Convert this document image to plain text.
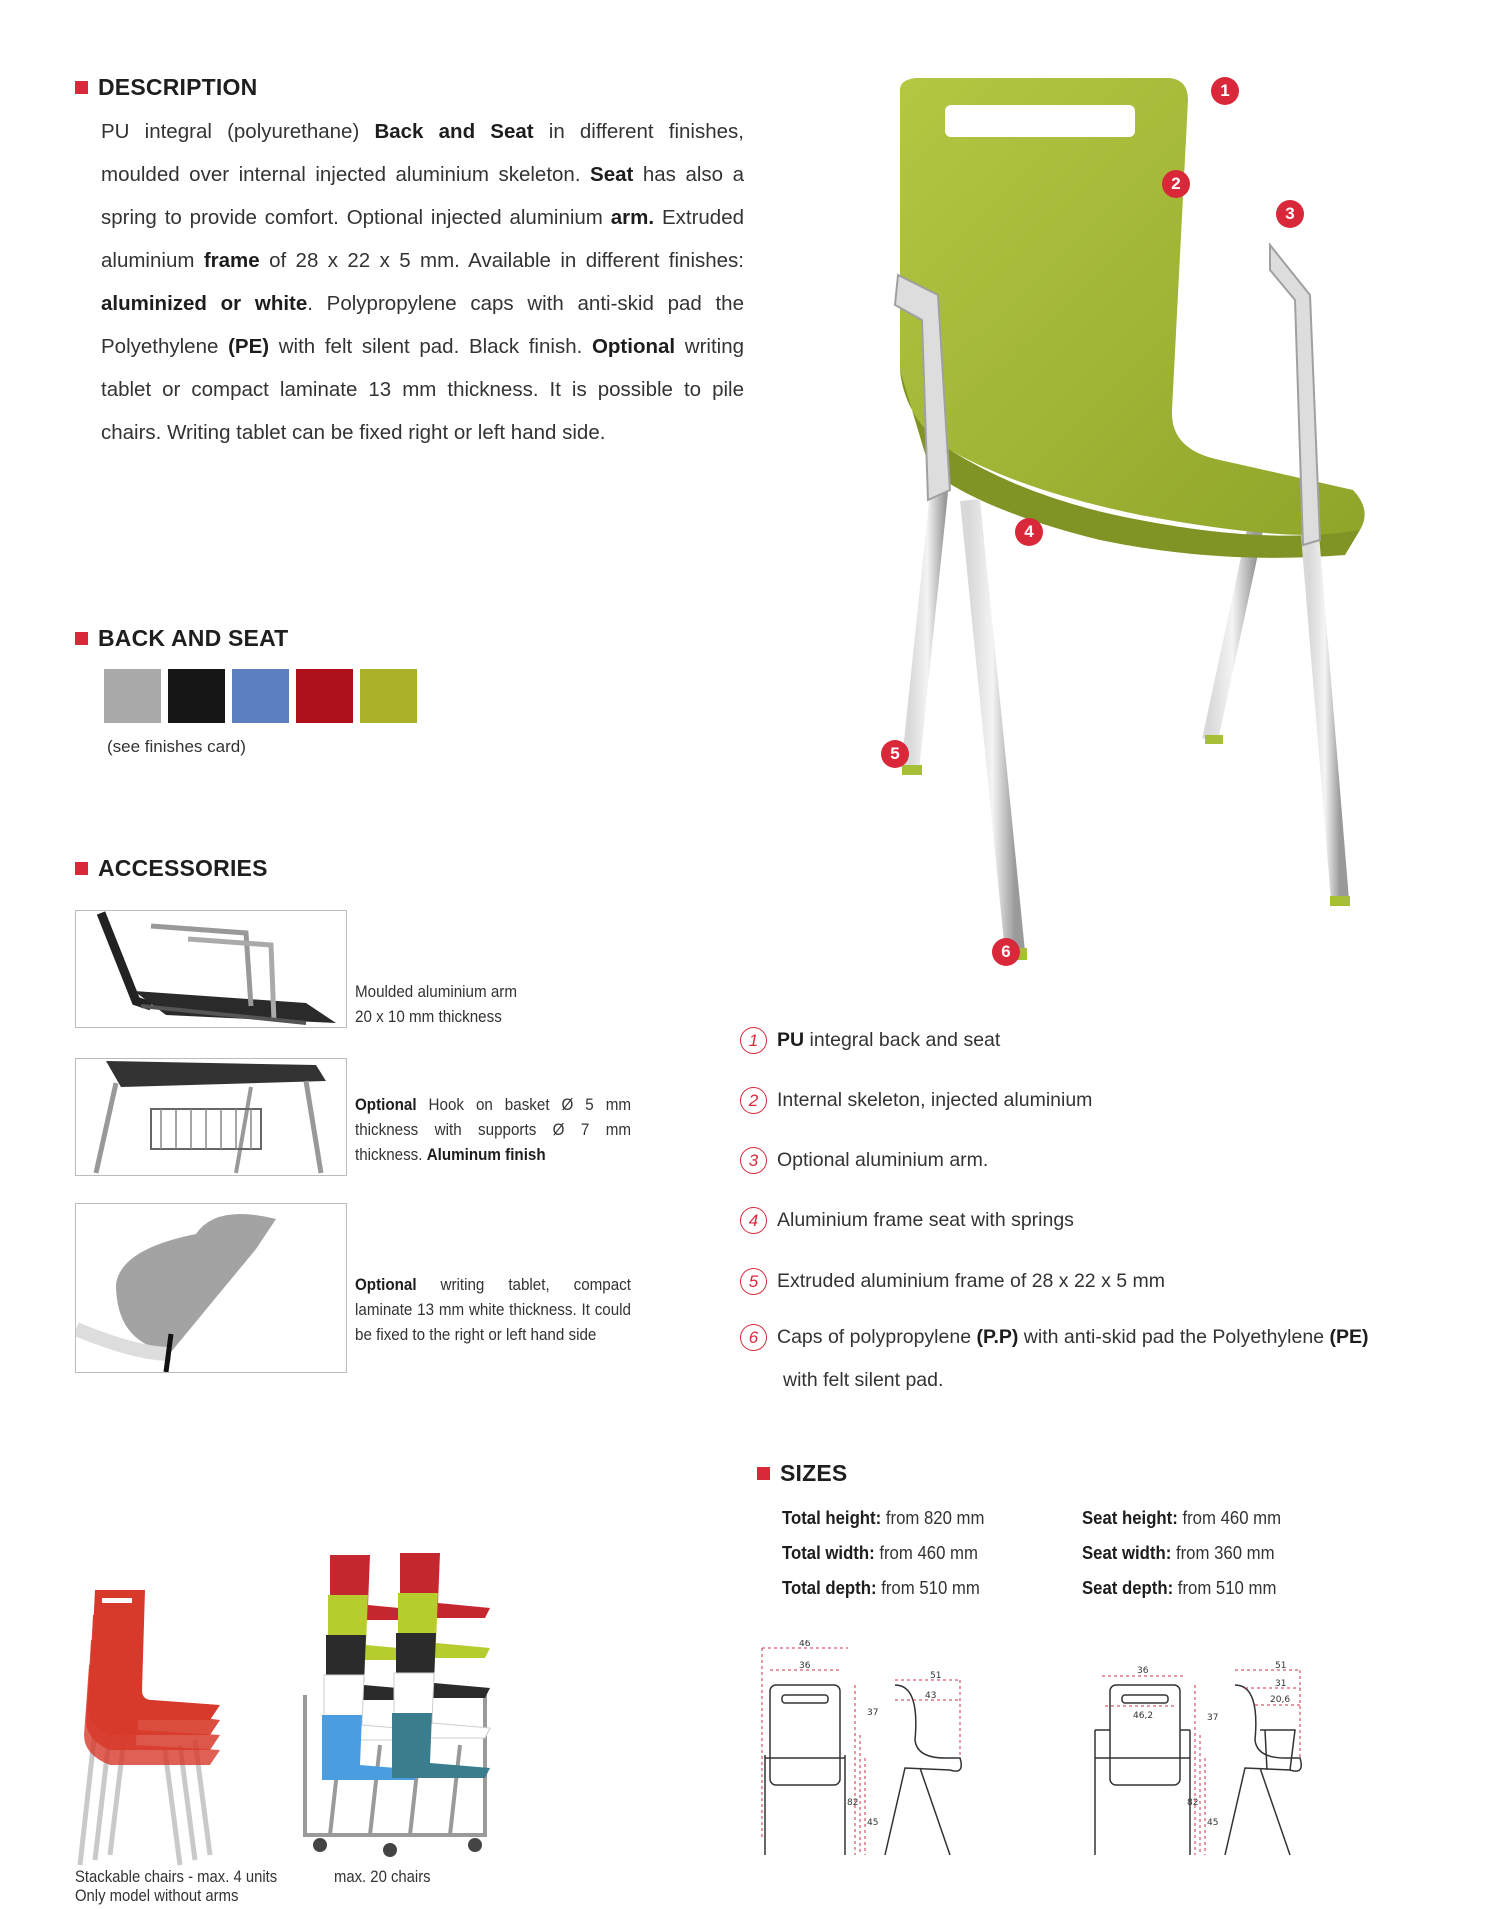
DESCRIPTION
PU integral (polyurethane) Back and Seat in different finishes, moulded over internal injected aluminium skeleton. Seat has also a spring to provide comfort. Optional injected aluminium arm. Extruded aluminium frame of 28 x 22 x 5 mm. Available in different finishes: aluminized or white. Polypropylene caps with anti-skid pad the Polyethylene (PE) with felt silent pad. Black finish. Optional writing tablet or compact laminate 13 mm thickness. It is possible to pile chairs. Writing tablet can be fixed right or left hand side.
BACK AND SEAT
(see finishes card)
ACCESSORIES
Moulded aluminium arm
20 x 10 mm thickness
Optional Hook on basket Ø 5 mm thickness with supports Ø 7 mm thickness. Aluminum finish
Optional writing tablet, compact laminate 13 mm white thickness. It could be fixed to the right or left hand side
1
2
3
4
5
6
1 PU integral back and seat
2 Internal skeleton, injected aluminium
3 Optional aluminium arm.
4 Aluminium frame seat with springs
5 Extruded aluminium frame of 28 x 22 x 5 mm
6 Caps of polypropylene (P.P) with anti-skid pad the Polyethylene (PE)
with felt silent pad.
SIZES
Total height: from 820 mm
Total width: from 460 mm
Total depth: from 510 mm
Seat height: from 460 mm
Seat width: from 360 mm
Seat depth: from 510 mm
46
36
51
43
37
82
45
36
46,2
51
31
20,6
37
82
45
Stackable chairs - max. 4 units
Only model without arms
max. 20 chairs
